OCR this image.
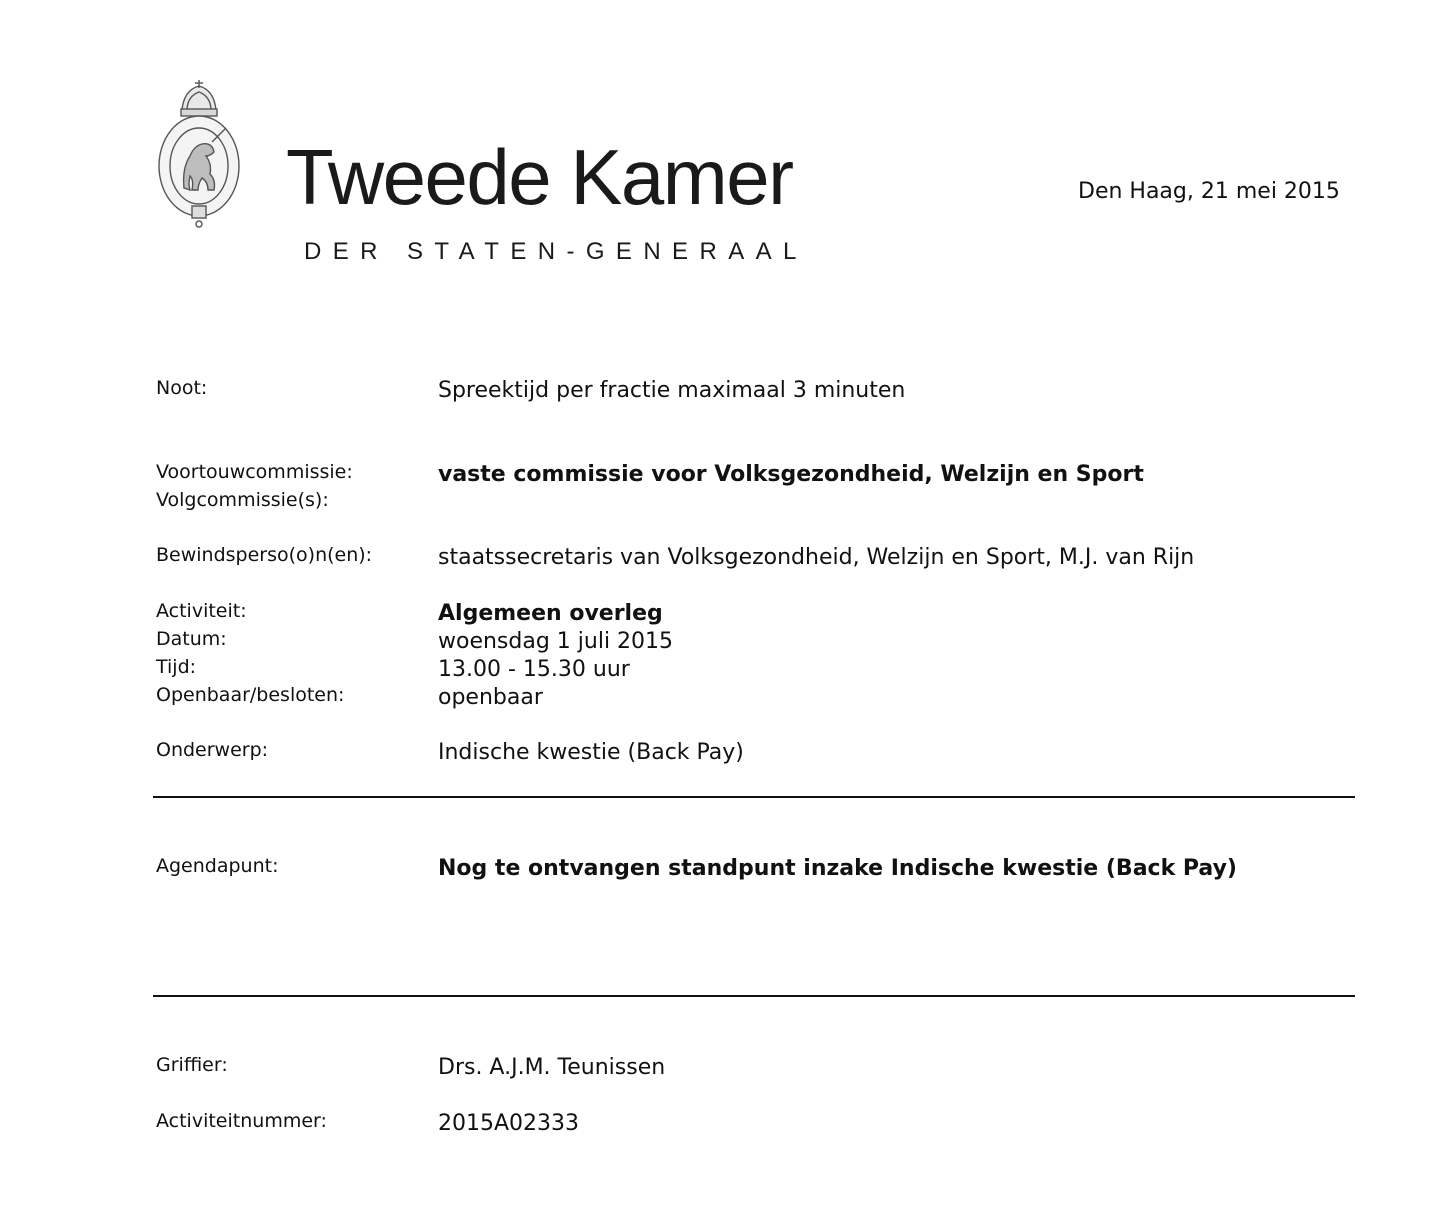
Tweede Kamer
DER STATEN-GENERAAL
Den Haag, 21 mei 2015
Noot:	Spreektijd per fractie maximaal 3 minuten
Voortouwcommissie:	vaste commissie voor Volksgezondheid, Welzijn en Sport
Volgcommissie(s):
Bewindsperso(o)n(en):	staatssecretaris van Volksgezondheid, Welzijn en Sport, M.J. van Rijn
Activiteit:	Algemeen overleg
Datum:	woensdag 1 juli 2015
Tijd:	13.00 - 15.30 uur
Openbaar/besloten:	openbaar
Onderwerp:	Indische kwestie (Back Pay)
Agendapunt:	Nog te ontvangen standpunt inzake Indische kwestie (Back Pay)
Griffier:	Drs. A.J.M. Teunissen
Activiteitnummer:	2015A02333
